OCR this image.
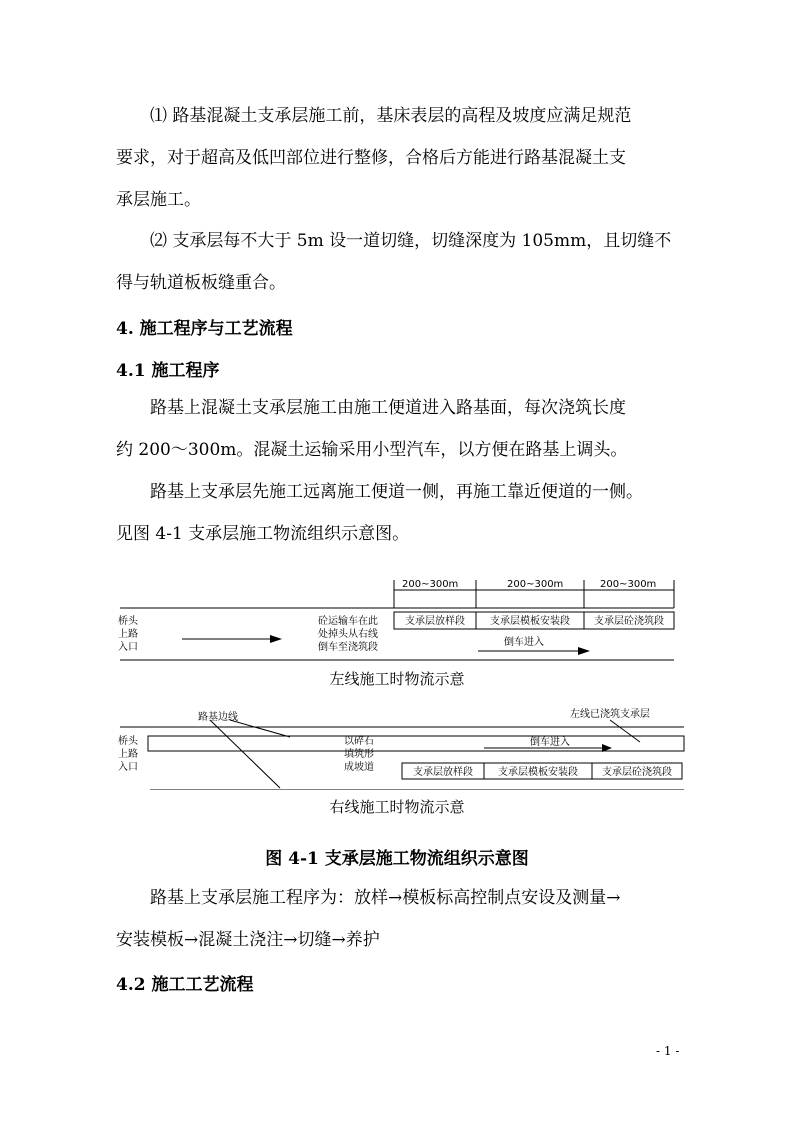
⑴ 路基混凝土支承层施工前，基床表层的高程及坡度应满足规范
要求，对于超高及低凹部位进行整修，合格后方能进行路基混凝土支
承层施工。

⑵ 支承层每不大于 5m 设一道切缝，切缝深度为 105mm，且切缝不
得与轨道板板缝重合。

4. 施工程序与工艺流程
4.1 施工程序

路基上混凝土支承层施工由施工便道进入路基面，每次浇筑长度
约 200～300m。混凝土运输采用小型汽车，以方便在路基上调头。

路基上支承层先施工远离施工便道一侧，再施工靠近便道的一侧。
见图 4-1 支承层施工物流组织示意图。

200~300m	200~300m	200~300m
桥头
上路
入口
砼运输车在此
处掉头从右线
倒车至浇筑段
支承层放样段	支承层模板安装段 支承层砼浇筑段
倒车进入
路基边线	左线已浇筑支承层
桥头
上路
入口
以碎石
填筑形
成坡道
倒车进入
支承层放样段	支承层模板安装段 支承层砼浇筑段
左线施工时物流示意
右线施工时物流示意
图 4-1 支承层施工物流组织示意图

路基上支承层施工程序为：放样→模板标高控制点安设及测量→
安装模板→混凝土浇注→切缝→养护

4.2 施工工艺流程
- 1 -
